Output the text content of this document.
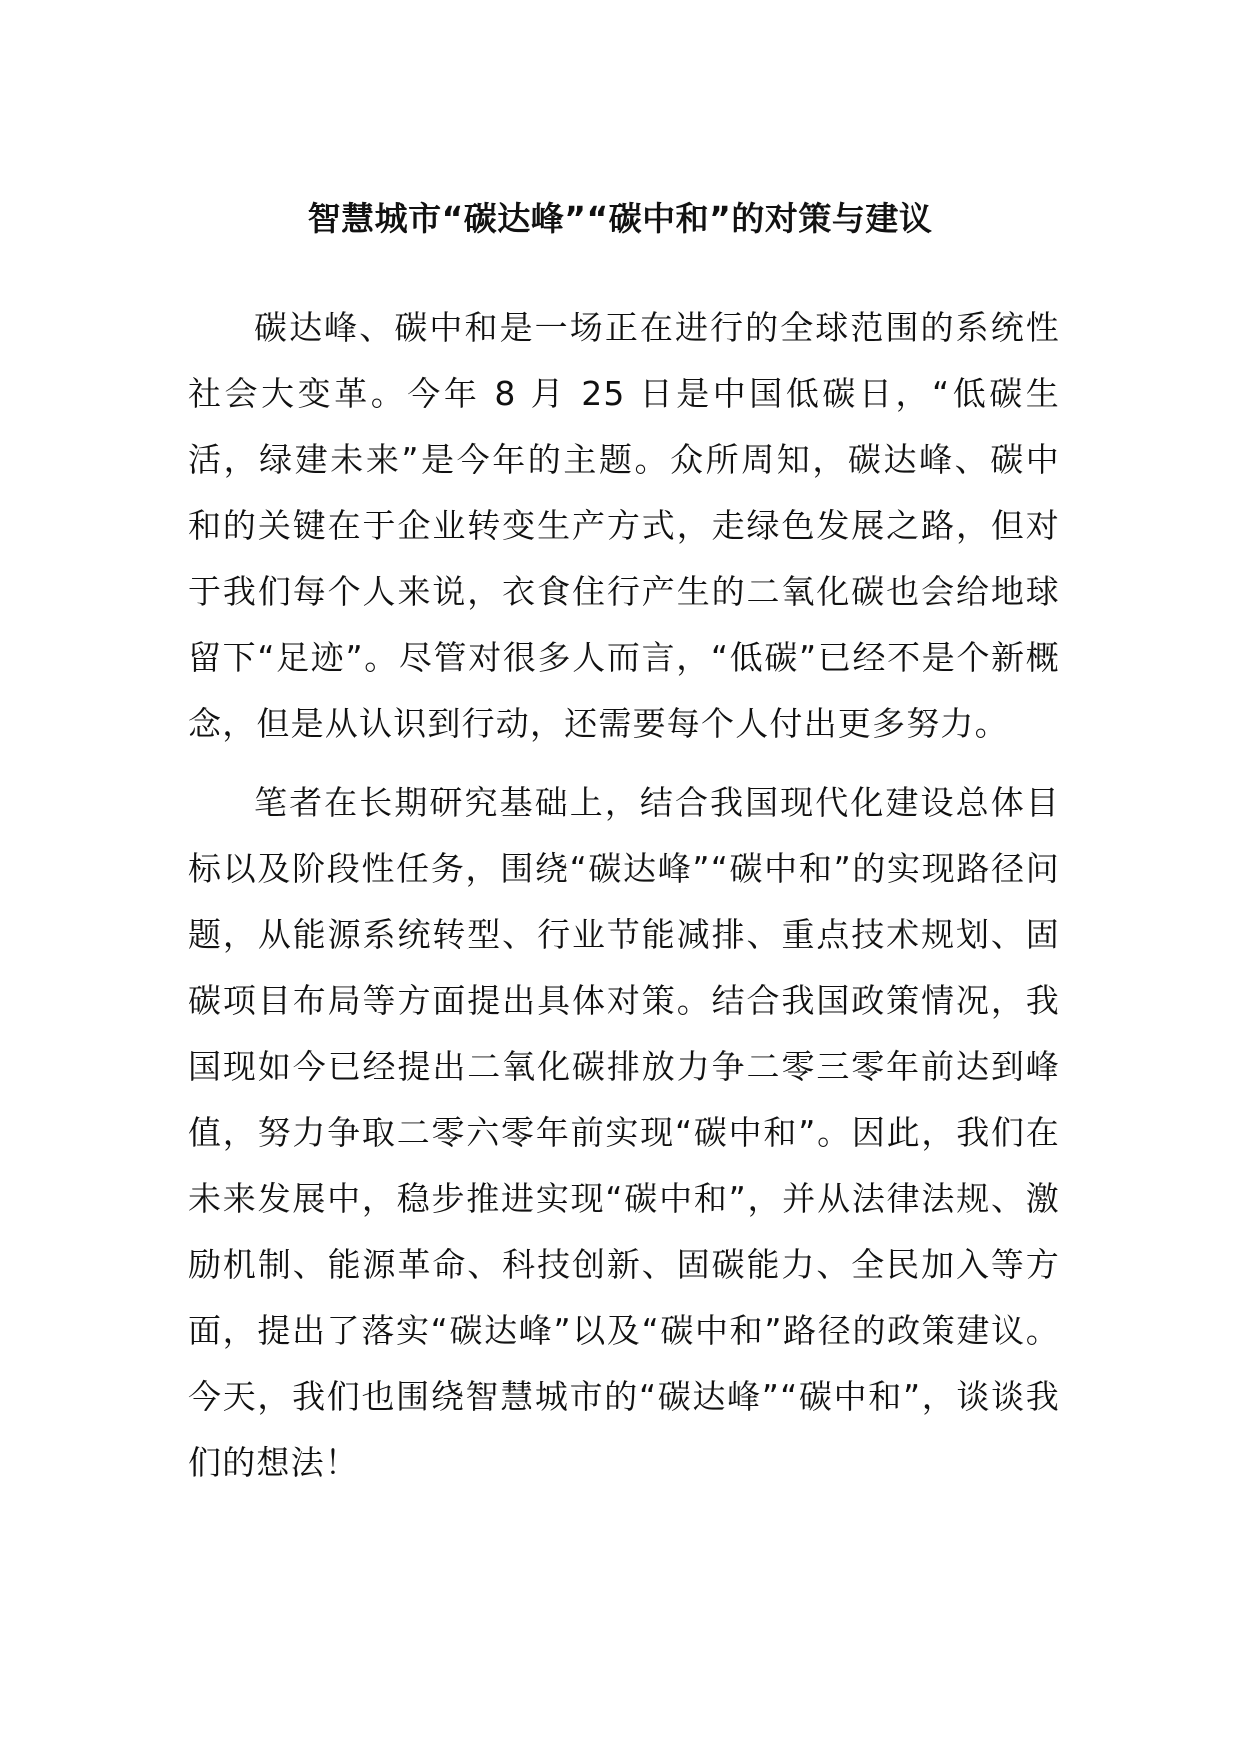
智慧城市“碳达峰”“碳中和”的对策与建议

碳达峰、碳中和是一场正在进行的全球范围的系统性社会大变革。今年 8 月 25 日是中国低碳日，“低碳生活，绿建未来”是今年的主题。众所周知，碳达峰、碳中和的关键在于企业转变生产方式，走绿色发展之路，但对于我们每个人来说，衣食住行产生的二氧化碳也会给地球留下“足迹”。尽管对很多人而言，“低碳”已经不是个新概念，但是从认识到行动，还需要每个人付出更多努力。

笔者在长期研究基础上，结合我国现代化建设总体目标以及阶段性任务，围绕“碳达峰”“碳中和”的实现路径问题，从能源系统转型、行业节能减排、重点技术规划、固碳项目布局等方面提出具体对策。结合我国政策情况，我国现如今已经提出二氧化碳排放力争二零三零年前达到峰值，努力争取二零六零年前实现“碳中和”。因此，我们在未来发展中，稳步推进实现“碳中和”，并从法律法规、激励机制、能源革命、科技创新、固碳能力、全民加入等方面，提出了落实“碳达峰”以及“碳中和”路径的政策建议。今天，我们也围绕智慧城市的“碳达峰”“碳中和”，谈谈我们的想法！
